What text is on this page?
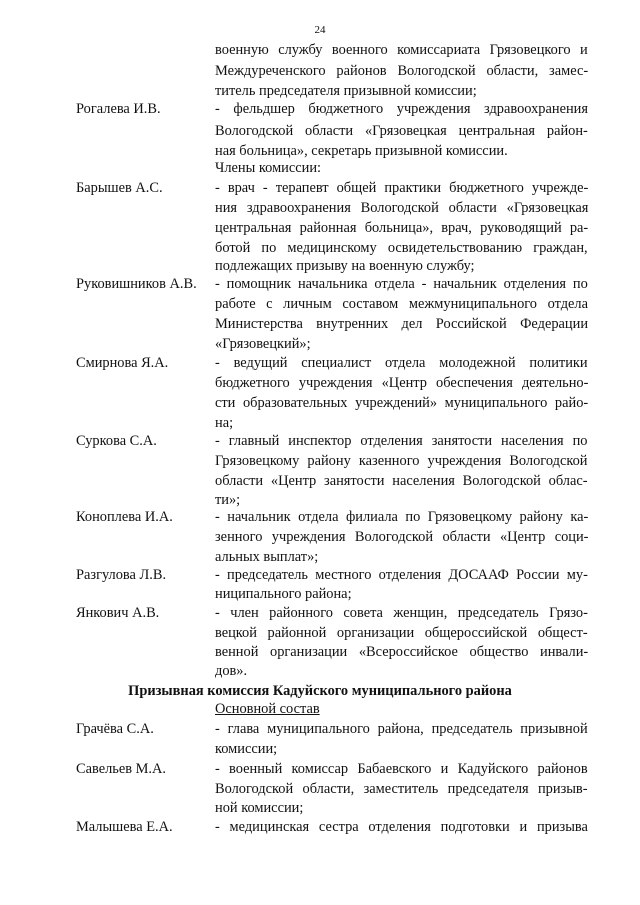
24
военную службу военного комиссариата Грязовецкого и
Междуреченского районов Вологодской области, замес-
титель председателя призывной комиссии;
Рогалева И.В.	- фельдшер бюджетного учреждения здравоохранения
Вологодской области «Грязовецкая центральная район-
ная больница», секретарь призывной комиссии.
Члены комиссии:
Барышев А.С.	- врач - терапевт общей практики бюджетного учрежде-
ния здравоохранения Вологодской области «Грязовецкая
центральная районная больница», врач, руководящий ра-
ботой по медицинскому освидетельствованию граждан,
подлежащих призыву на военную службу;
Руковишников А.В. - помощник начальника отдела - начальник отделения по
работе с личным составом межмуниципального отдела
Министерства внутренних дел Российской Федерации
«Грязовецкий»;
Смирнова Я.А.	- ведущий специалист отдела молодежной политики
бюджетного учреждения «Центр обеспечения деятельно-
сти образовательных учреждений» муниципального райо-
на;
Суркова С.А.	- главный инспектор отделения занятости населения по
Грязовецкому району казенного учреждения Вологодской
области «Центр занятости населения Вологодской облас-
ти»;
Коноплева И.А.	- начальник отдела филиала по Грязовецкому району ка-
зенного учреждения Вологодской области «Центр соци-
альных выплат»;
Разгулова Л.В.	- председатель местного отделения ДОСААФ России му-
ниципального района;
Янкович А.В.	- член районного совета женщин, председатель Грязо-
вецкой районной организации общероссийской общест-
венной организации «Всероссийское общество инвали-
дов».
Призывная комиссия Кадуйского муниципального района
Основной состав
Грачёва С.А.	- глава муниципального района, председатель призывной
комиссии;
Савельев М.А.	- военный комиссар Бабаевского и Кадуйского районов
Вологодской области, заместитель председателя призыв-
ной комиссии;
Малышева Е.А.	- медицинская сестра отделения подготовки и призыва
